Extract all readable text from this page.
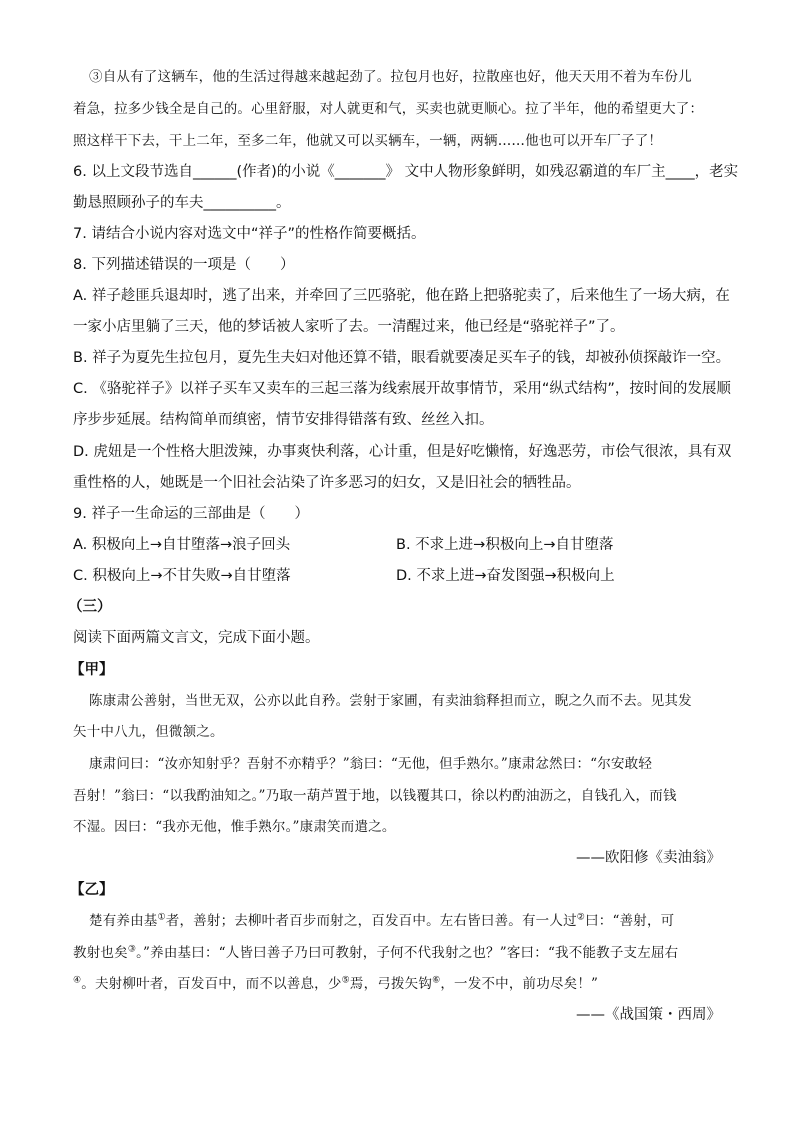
③自从有了这辆车，他的生活过得越来越起劲了。拉包月也好，拉散座也好，他天天用不着为车份儿
着急，拉多少钱全是自己的。心里舒服，对人就更和气，买卖也就更顺心。拉了半年，他的希望更大了：
照这样干下去，干上二年，至多二年，他就又可以买辆车，一辆，两辆……他也可以开车厂子了！
6. 以上文段节选自______(作者)的小说《_______》 文中人物形象鲜明，如残忍霸道的车厂主____，老实
勤恳照顾孙子的车夫__________。
7. 请结合小说内容对选文中“祥子”的性格作简要概括。
8. 下列描述错误的一项是（　　）
A. 祥子趁匪兵退却时，逃了出来，并牵回了三匹骆驼，他在路上把骆驼卖了，后来他生了一场大病，在
一家小店里躺了三天，他的梦话被人家听了去。一清醒过来，他已经是“骆驼祥子”了。
B. 祥子为夏先生拉包月，夏先生夫妇对他还算不错，眼看就要凑足买车子的钱，却被孙侦探敲诈一空。
C. 《骆驼祥子》以祥子买车又卖车的三起三落为线索展开故事情节，采用“纵式结构”，按时间的发展顺
序步步延展。结构简单而缜密，情节安排得错落有致、丝丝入扣。
D. 虎妞是一个性格大胆泼辣，办事爽快利落，心计重，但是好吃懒惰，好逸恶劳，市侩气很浓，具有双
重性格的人，她既是一个旧社会沾染了许多恶习的妇女，又是旧社会的牺牲品。
9. 祥子一生命运的三部曲是（　　）
A. 积极向上→自甘堕落→浪子回头	B. 不求上进→积极向上→自甘堕落
C. 积极向上→不甘失败→自甘堕落	D. 不求上进→奋发图强→积极向上
（三）
阅读下面两篇文言文，完成下面小题。
【甲】
陈康肃公善射，当世无双，公亦以此自矜。尝射于家圃，有卖油翁释担而立，睨之久而不去。见其发
矢十中八九，但微颔之。
康肃问曰：“汝亦知射乎？吾射不亦精乎？”翁曰：“无他，但手熟尔。”康肃忿然曰：“尔安敢轻
吾射！”翁曰：“以我酌油知之。”乃取一葫芦置于地，以钱覆其口，徐以杓酌油沥之，自钱孔入，而钱
不湿。因曰：“我亦无他，惟手熟尔。”康肃笑而遣之。
——欧阳修《卖油翁》
【乙】
楚有养由基①者，善射；去柳叶者百步而射之，百发百中。左右皆曰善。有一人过②曰：“善射，可
教射也矣③。”养由基曰：“人皆曰善子乃曰可教射，子何不代我射之也？”客曰：“我不能教子支左屈右
④。夫射柳叶者，百发百中，而不以善息，少⑤焉，弓拨矢钩⑥，一发不中，前功尽矣！”
——《战国策・西周》
